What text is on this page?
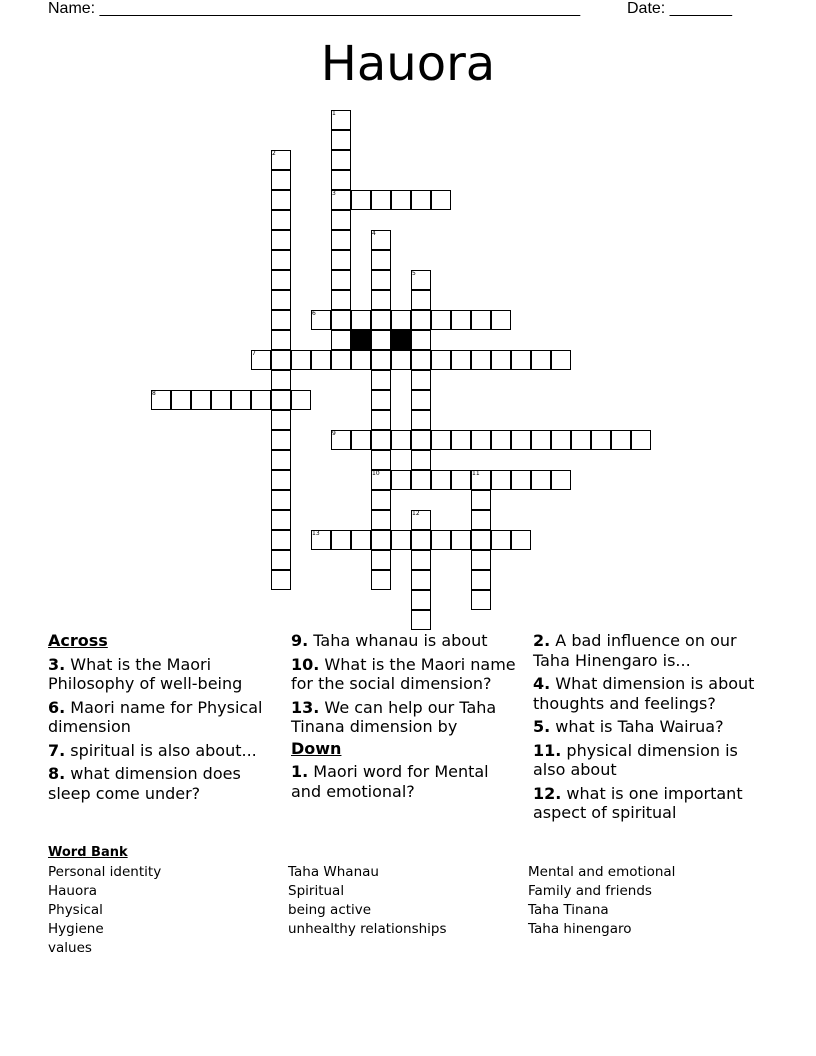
Name: ______________________________________________________	Date: _______
Hauora
1
2
3
4
5
6
7
8
9
10	11
12
13
Across
3. What is the Maori Philosophy of well-being
6. Maori name for Physical dimension
7. spiritual is also about...
8. what dimension does sleep come under?
9. Taha whanau is about
10. What is the Maori name for the social dimension?
13. We can help our Taha Tinana dimension by
Down
1. Maori word for Mental and emotional?
2. A bad influence on our Taha Hinengaro is...
4. What dimension is about thoughts and feelings?
5. what is Taha Wairua?
11. physical dimension is also about
12. what is one important aspect of spiritual
Word Bank
Personal identity
Hauora
Physical
Hygiene
values
Taha Whanau
Spiritual
being active
unhealthy relationships
Mental and emotional
Family and friends
Taha Tinana
Taha hinengaro
